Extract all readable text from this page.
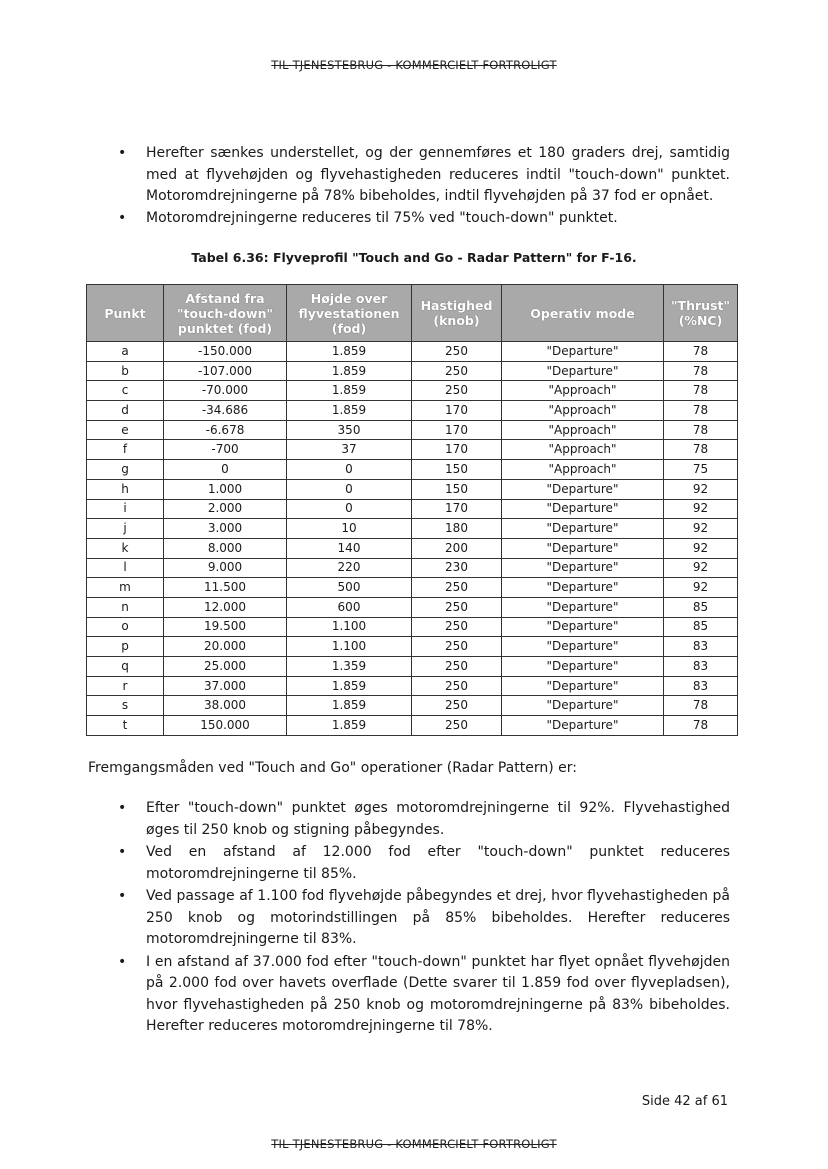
TIL TJENESTEBRUG - KOMMERCIELT FORTROLIGT
• Herefter sænkes understellet, og der gennemføres et 180 graders drej, samtidig med at flyvehøjden og flyvehastigheden reduceres indtil "touch-down" punktet. Motoromdrejningerne på 78% bibeholdes, indtil flyvehøjden på 37 fod er opnået.
• Motoromdrejningerne reduceres til 75% ved "touch-down" punktet.
Tabel 6.36: Flyveprofil "Touch and Go - Radar Pattern" for F-16.
Punkt	Afstand fra "touch-down" punktet (fod)	Højde over flyvestationen (fod)	Hastighed (knob)	Operativ mode	"Thrust" (%NC)
a	-150.000	1.859	250	"Departure"	78
b	-107.000	1.859	250	"Departure"	78
c	-70.000	1.859	250	"Approach"	78
d	-34.686	1.859	170	"Approach"	78
e	-6.678	350	170	"Approach"	78
f	-700	37	170	"Approach"	78
g	0	0	150	"Approach"	75
h	1.000	0	150	"Departure"	92
i	2.000	0	170	"Departure"	92
j	3.000	10	180	"Departure"	92
k	8.000	140	200	"Departure"	92
l	9.000	220	230	"Departure"	92
m	11.500	500	250	"Departure"	92
n	12.000	600	250	"Departure"	85
o	19.500	1.100	250	"Departure"	85
p	20.000	1.100	250	"Departure"	83
q	25.000	1.359	250	"Departure"	83
r	37.000	1.859	250	"Departure"	83
s	38.000	1.859	250	"Departure"	78
t	150.000	1.859	250	"Departure"	78
Fremgangsmåden ved "Touch and Go" operationer (Radar Pattern) er:
• Efter "touch-down" punktet øges motoromdrejningerne til 92%. Flyvehastighed øges til 250 knob og stigning påbegyndes.
• Ved en afstand af 12.000 fod efter "touch-down" punktet reduceres motoromdrejningerne til 85%.
• Ved passage af 1.100 fod flyvehøjde påbegyndes et drej, hvor flyvehastigheden på 250 knob og motorindstillingen på 85% bibeholdes. Herefter reduceres motoromdrejningerne til 83%.
• I en afstand af 37.000 fod efter "touch-down" punktet har flyet opnået flyvehøjden på 2.000 fod over havets overflade (Dette svarer til 1.859 fod over flyvepladsen), hvor flyvehastigheden på 250 knob og motoromdrejningerne på 83% bibeholdes. Herefter reduceres motoromdrejningerne til 78%.
Side 42 af 61
TIL TJENESTEBRUG - KOMMERCIELT FORTROLIGT
